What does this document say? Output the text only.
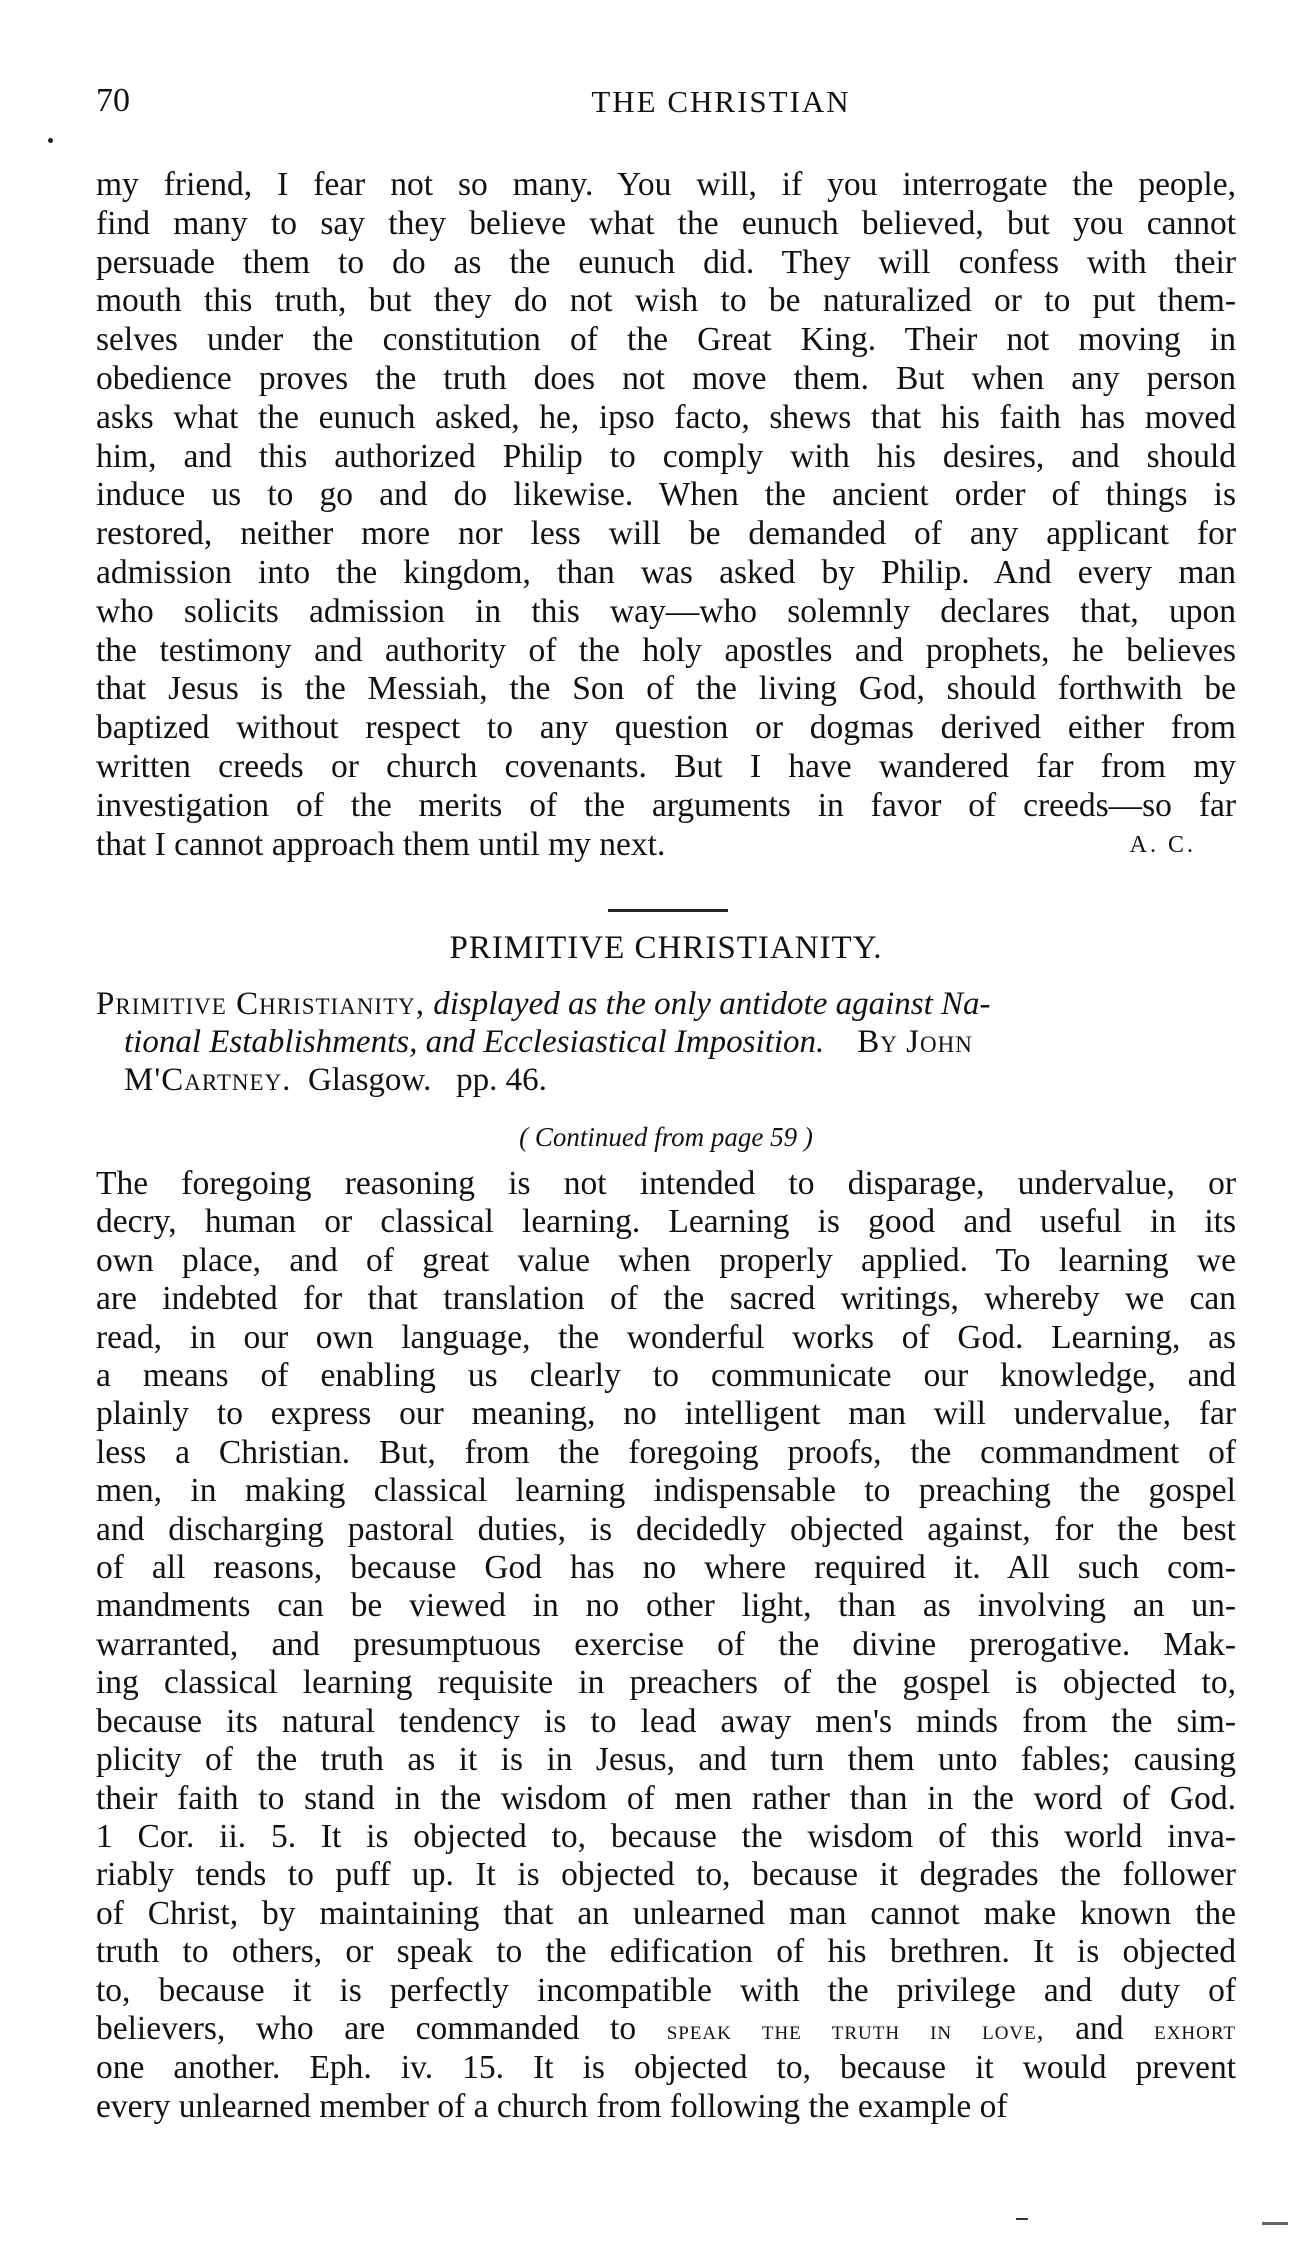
70	THE CHRISTIAN
my friend, I fear not so many. You will, if you interrogate the people,
find many to say they believe what the eunuch believed, but you cannot
persuade them to do as the eunuch did. They will confess with their
mouth this truth, but they do not wish to be naturalized or to put them-
selves under the constitution of the Great King. Their not moving in
obedience proves the truth does not move them. But when any person
asks what the eunuch asked, he, ipso facto, shews that his faith has moved
him, and this authorized Philip to comply with his desires, and should
induce us to go and do likewise. When the ancient order of things is
restored, neither more nor less will be demanded of any applicant for
admission into the kingdom, than was asked by Philip. And every man
who solicits admission in this way—who solemnly declares that, upon
the testimony and authority of the holy apostles and prophets, he believes
that Jesus is the Messiah, the Son of the living God, should forthwith be
baptized without respect to any question or dogmas derived either from
written creeds or church covenants. But I have wandered far from my
investigation of the merits of the arguments in favor of creeds—so far
that I cannot approach them until my next.	A. C.
PRIMITIVE CHRISTIANITY.
Primitive Christianity, displayed as the only antidote against Na-
tional Establishments, and Ecclesiastical Imposition. By John
M'Cartney. Glasgow. pp. 46.
( Continued from page 59 )
The foregoing reasoning is not intended to disparage, undervalue, or
decry, human or classical learning. Learning is good and useful in its
own place, and of great value when properly applied. To learning we
are indebted for that translation of the sacred writings, whereby we can
read, in our own language, the wonderful works of God. Learning, as
a means of enabling us clearly to communicate our knowledge, and
plainly to express our meaning, no intelligent man will undervalue, far
less a Christian. But, from the foregoing proofs, the commandment of
men, in making classical learning indispensable to preaching the gospel
and discharging pastoral duties, is decidedly objected against, for the best
of all reasons, because God has no where required it. All such com-
mandments can be viewed in no other light, than as involving an un-
warranted, and presumptuous exercise of the divine prerogative. Mak-
ing classical learning requisite in preachers of the gospel is objected to,
because its natural tendency is to lead away men's minds from the sim-
plicity of the truth as it is in Jesus, and turn them unto fables; causing
their faith to stand in the wisdom of men rather than in the word of God.
1 Cor. ii. 5. It is objected to, because the wisdom of this world inva-
riably tends to puff up. It is objected to, because it degrades the follower
of Christ, by maintaining that an unlearned man cannot make known the
truth to others, or speak to the edification of his brethren. It is objected
to, because it is perfectly incompatible with the privilege and duty of
believers, who are commanded to speak the truth in love, and exhort
one another. Eph. iv. 15. It is objected to, because it would prevent
every unlearned member of a church from following the example of
